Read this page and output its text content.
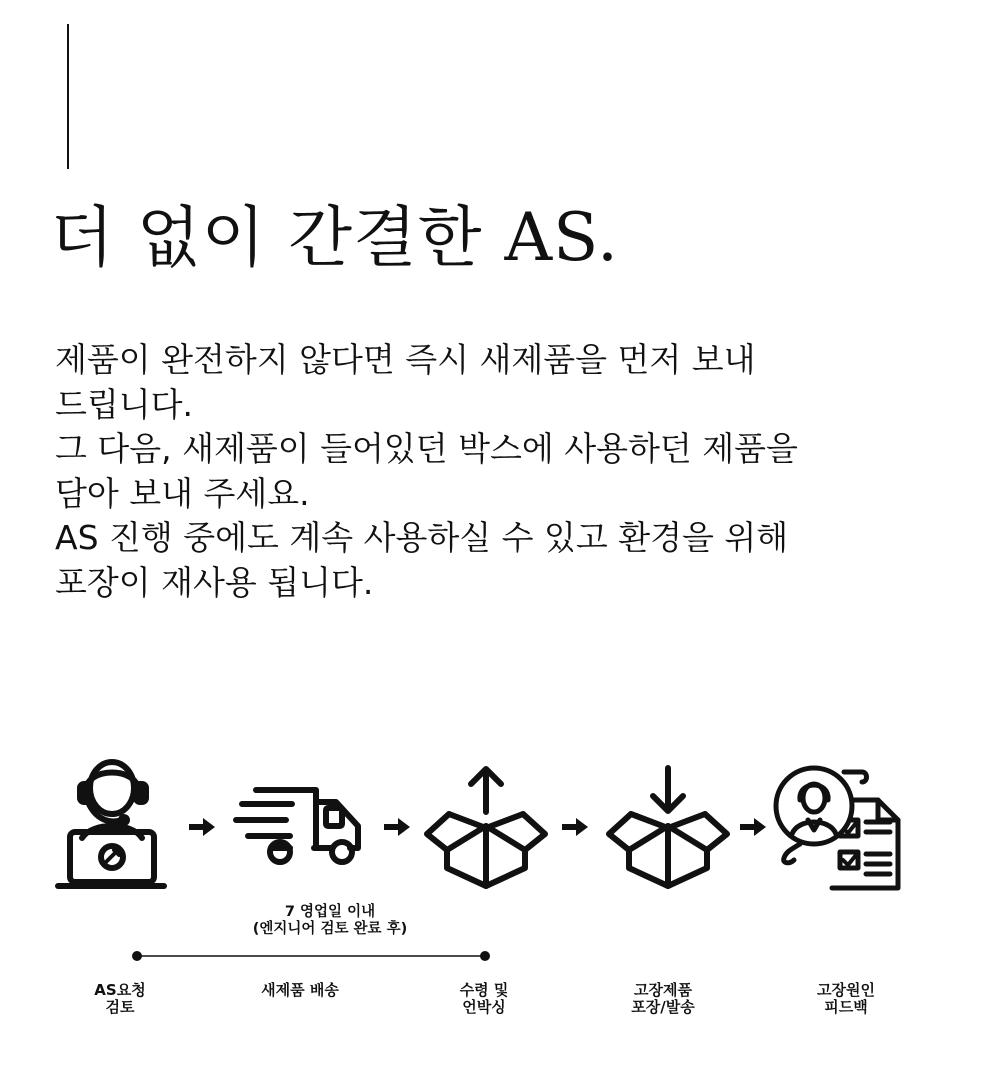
더 없이 간결한 AS.

제품이 완전하지 않다면 즉시 새제품을 먼저 보내

드립니다.

그 다음, 새제품이 들어있던 박스에 사용하던 제품을

담아 보내 주세요.

AS 진행 중에도 계속 사용하실 수 있고 환경을 위해

포장이 재사용 됩니다.

7 영업일 이내
(엔지니어 검토 완료 후)
AS요청
검토
새제품 배송	수령 및
언박싱
고장제품
포장/발송
고장원인
피드백
